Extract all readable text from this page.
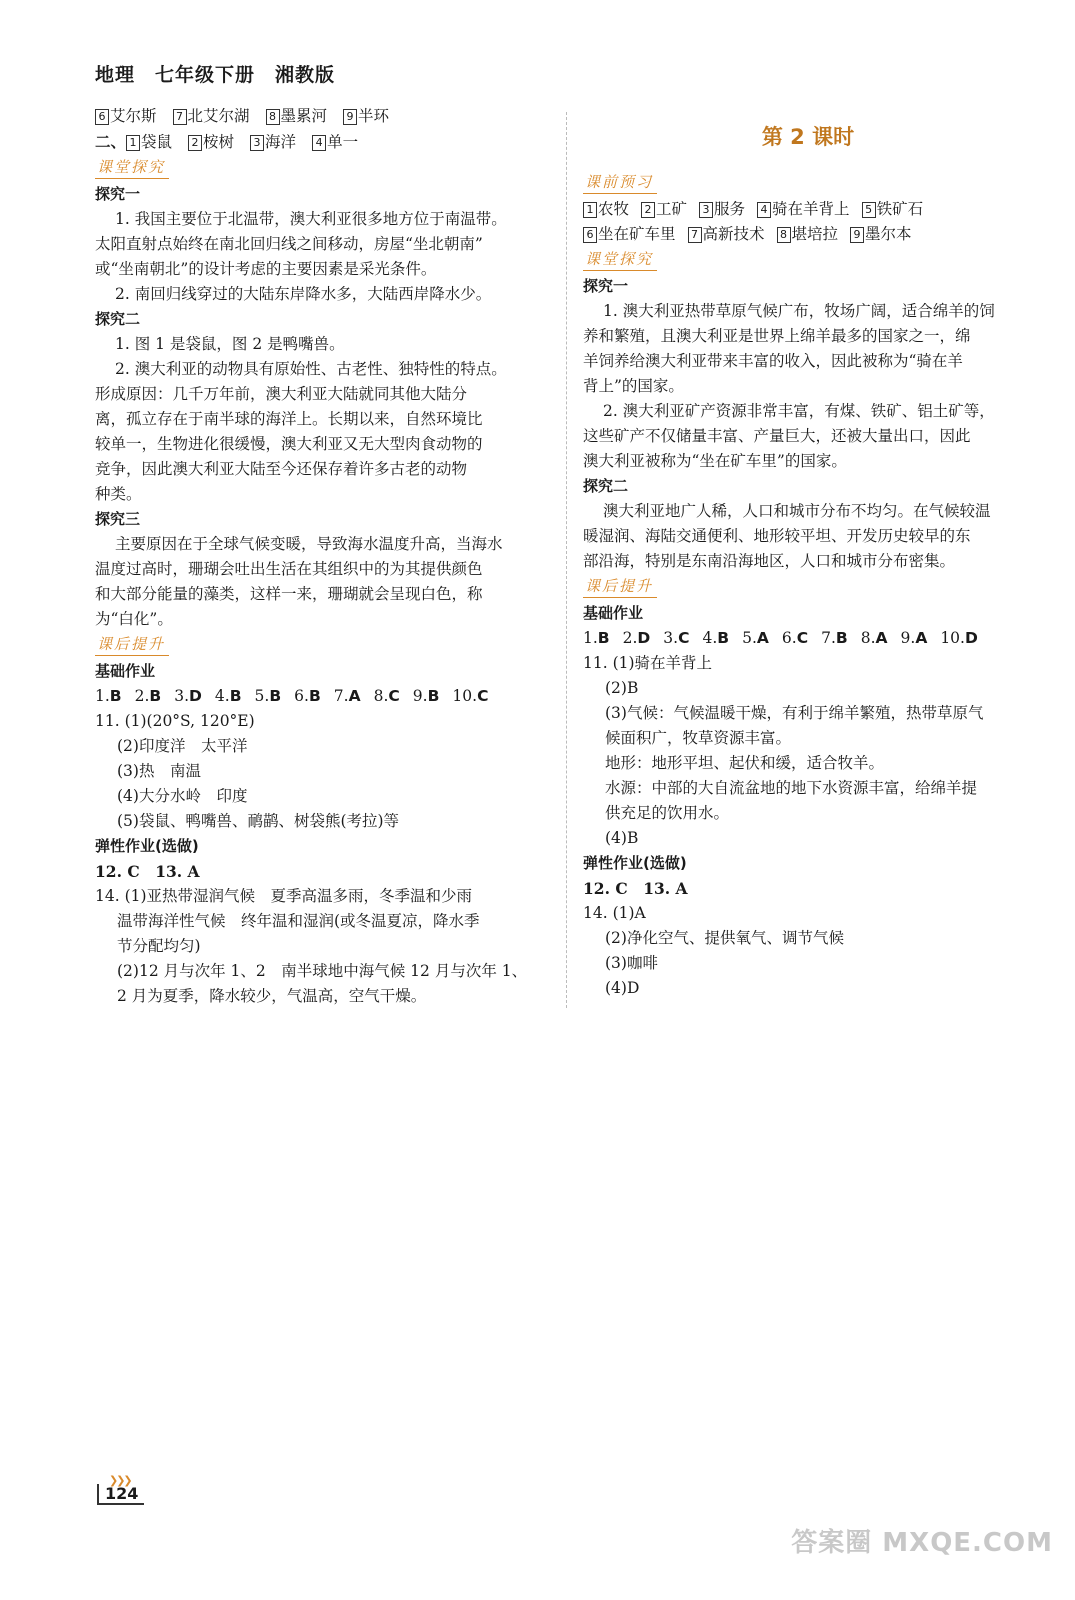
地理　七年级下册　湘教版
6 艾尔斯 7 北艾尔湖 8 墨累河 9 半环
二、 1 袋鼠 2 桉树 3 海洋 4 单一
课堂探究
探究一
1. 我国主要位于北温带，澳大利亚很多地方位于南温带。
太阳直射点始终在南北回归线之间移动，房屋“坐北朝南”
或“坐南朝北”的设计考虑的主要因素是采光条件。
2. 南回归线穿过的大陆东岸降水多，大陆西岸降水少。
探究二
1. 图 1 是袋鼠，图 2 是鸭嘴兽。
2. 澳大利亚的动物具有原始性、古老性、独特性的特点。
形成原因：几千万年前，澳大利亚大陆就同其他大陆分
离，孤立存在于南半球的海洋上。长期以来，自然环境比
较单一，生物进化很缓慢，澳大利亚又无大型肉食动物的
竞争，因此澳大利亚大陆至今还保存着许多古老的动物
种类。
探究三
主要原因在于全球气候变暖，导致海水温度升高，当海水
温度过高时，珊瑚会吐出生活在其组织中的为其提供颜色
和大部分能量的藻类，这样一来，珊瑚就会呈现白色，称
为“白化”。
课后提升
基础作业
1.B 2.B 3.D 4.B 5.B 6.B 7.A 8.C 9.B 10.C
11. (1)(20°S, 120°E)
(2)印度洋　太平洋
(3)热　南温
(4)大分水岭　印度
(5)袋鼠、鸭嘴兽、鸸鹋、树袋熊(考拉)等
弹性作业(选做)
12. C　13. A
14. (1)亚热带湿润气候　夏季高温多雨，冬季温和少雨
温带海洋性气候　终年温和湿润(或冬温夏凉，降水季
节分配均匀)
(2)12 月与次年 1、2　南半球地中海气候 12 月与次年 1、
2 月为夏季，降水较少，气温高，空气干燥。
第 2 课时
课前预习
1 农牧 2 工矿 3 服务 4 骑在羊背上 5 铁矿石
6 坐在矿车里 7 高新技术 8 堪培拉 9 墨尔本
课堂探究
探究一
1. 澳大利亚热带草原气候广布，牧场广阔，适合绵羊的饲
养和繁殖，且澳大利亚是世界上绵羊最多的国家之一，绵
羊饲养给澳大利亚带来丰富的收入，因此被称为“骑在羊
背上”的国家。
2. 澳大利亚矿产资源非常丰富，有煤、铁矿、铝土矿等，
这些矿产不仅储量丰富、产量巨大，还被大量出口，因此
澳大利亚被称为“坐在矿车里”的国家。
探究二
澳大利亚地广人稀，人口和城市分布不均匀。在气候较温
暖湿润、海陆交通便利、地形较平坦、开发历史较早的东
部沿海，特别是东南沿海地区，人口和城市分布密集。
课后提升
基础作业
1.B 2.D 3.C 4.B 5.A 6.C 7.B 8.A 9.A 10.D
11. (1)骑在羊背上
(2)B
(3)气候：气候温暖干燥，有利于绵羊繁殖，热带草原气
候面积广，牧草资源丰富。
地形：地形平坦、起伏和缓，适合牧羊。
水源：中部的大自流盆地的地下水资源丰富，给绵羊提
供充足的饮用水。
(4)B
弹性作业(选做)
12. C　13. A
14. (1)A
(2)净化空气、提供氧气、调节气候
(3)咖啡
(4)D
❯❯❯
124
答案圈 MXQE.COM
